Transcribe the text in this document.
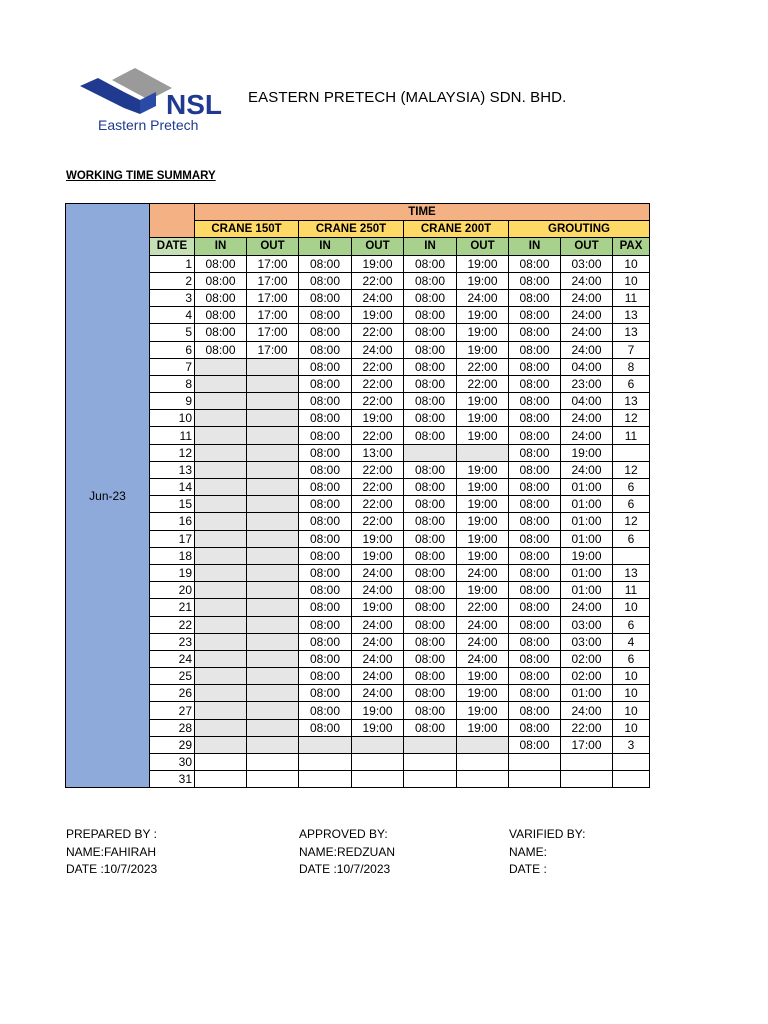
NSL
Eastern Pretech
EASTERN PRETECH (MALAYSIA) SDN. BHD.
WORKING TIME SUMMARY
Jun-23		TIME								
		CRANE 150T		CRANE 250T		CRANE 200T		GROUTING		
	DATE	IN	OUT	IN	OUT	IN	OUT	IN	OUT	PAX
	1	08:00	17:00	08:00	19:00	08:00	19:00	08:00	03:00	10
	2	08:00	17:00	08:00	22:00	08:00	19:00	08:00	24:00	10
	3	08:00	17:00	08:00	24:00	08:00	24:00	08:00	24:00	11
	4	08:00	17:00	08:00	19:00	08:00	19:00	08:00	24:00	13
	5	08:00	17:00	08:00	22:00	08:00	19:00	08:00	24:00	13
	6	08:00	17:00	08:00	24:00	08:00	19:00	08:00	24:00	7
	7			08:00	22:00	08:00	22:00	08:00	04:00	8
	8			08:00	22:00	08:00	22:00	08:00	23:00	6
	9			08:00	22:00	08:00	19:00	08:00	04:00	13
	10			08:00	19:00	08:00	19:00	08:00	24:00	12
	11			08:00	22:00	08:00	19:00	08:00	24:00	11
	12			08:00	13:00			08:00	19:00	
	13			08:00	22:00	08:00	19:00	08:00	24:00	12
	14			08:00	22:00	08:00	19:00	08:00	01:00	6
	15			08:00	22:00	08:00	19:00	08:00	01:00	6
	16			08:00	22:00	08:00	19:00	08:00	01:00	12
	17			08:00	19:00	08:00	19:00	08:00	01:00	6
	18			08:00	19:00	08:00	19:00	08:00	19:00	
	19			08:00	24:00	08:00	24:00	08:00	01:00	13
	20			08:00	24:00	08:00	19:00	08:00	01:00	11
	21			08:00	19:00	08:00	22:00	08:00	24:00	10
	22			08:00	24:00	08:00	24:00	08:00	03:00	6
	23			08:00	24:00	08:00	24:00	08:00	03:00	4
	24			08:00	24:00	08:00	24:00	08:00	02:00	6
	25			08:00	24:00	08:00	19:00	08:00	02:00	10
	26			08:00	24:00	08:00	19:00	08:00	01:00	10
	27			08:00	19:00	08:00	19:00	08:00	24:00	10
	28			08:00	19:00	08:00	19:00	08:00	22:00	10
	29							08:00	17:00	3
	30									
	31									
PREPARED BY :
NAME:FAHIRAH
DATE :10/7/2023
APPROVED BY:
NAME:REDZUAN
DATE :10/7/2023
VARIFIED BY:
NAME:
DATE :
